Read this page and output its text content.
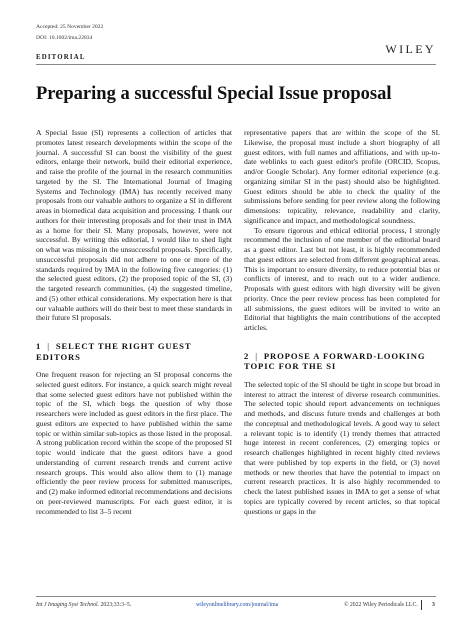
Accepted: 25 November 2022
DOI: 10.1002/ima.22834
WILEY
EDITORIAL
Preparing a successful Special Issue proposal

A Special Issue (SI) represents a collection of articles that promotes latest research developments within the scope of the journal. A successful SI can boost the visibility of the guest editors, enlarge their network, build their editorial experience, and raise the profile of the journal in the research communities targeted by the SI. The International Journal of Imaging Systems and Technology (IMA) has recently received many proposals from our valuable authors to organize a SI in different areas in biomedical data acquisition and processing. I thank our authors for their interesting proposals and for their trust in IMA as a home for their SI. Many proposals, however, were not successful. By writing this editorial, I would like to shed light on what was missing in the unsuccessful proposals. Specifically, unsuccessful proposals did not adhere to one or more of the standards required by IMA in the following five categories: (1) the selected guest editors, (2) the proposed topic of the SI, (3) the targeted research communities, (4) the suggested timeline, and (5) other ethical considerations. My expectation here is that our valuable authors will do their best to meet these standards in their future SI proposals.

1 | SELECT THE RIGHT GUEST EDITORS

One frequent reason for rejecting an SI proposal concerns the selected guest editors. For instance, a quick search might reveal that some selected guest editors have not published within the topic of the SI, which begs the question of why those researchers were included as guest editors in the first place. The guest editors are expected to have published within the same topic or within similar sub-topics as those listed in the proposal. A strong publication record within the scope of the proposed SI topic would indicate that the guest editors have a good understanding of current research trends and current active research groups. This would also allow them to (1) manage efficiently the peer review process for submitted manuscripts, and (2) make informed editorial recommendations and decisions on peer-reviewed manuscripts. For each guest editor, it is recommended to list 3–5 recent

representative papers that are within the scope of the SI. Likewise, the proposal must include a short biography of all guest editors, with full names and affiliations, and with up-to-date weblinks to each guest editor's profile (ORCID, Scopus, and/or Google Scholar). Any former editorial experience (e.g. organizing similar SI in the past) should also be highlighted. Guest editors should be able to check the quality of the submissions before sending for peer review along the following dimensions: topicality, relevance, readability and clarity, significance and impact, and methodological soundness.

To ensure rigorous and ethical editorial process, I strongly recommend the inclusion of one member of the editorial board as a guest editor. Last but not least, it is highly recommended that guest editors are selected from different geographical areas. This is important to ensure diversity, to reduce potential bias or conflicts of interest, and to reach out to a wider audience. Proposals with guest editors with high diversity will be given priority. Once the peer review process has been completed for all submissions, the guest editors will be invited to write an Editorial that highlights the main contributions of the accepted articles.

2 | PROPOSE A FORWARD-LOOKING TOPIC FOR THE SI

The selected topic of the SI should be tight in scope but broad in interest to attract the interest of diverse research communities. The selected topic should report advancements on techniques and methods, and discuss future trends and challenges at both the conceptual and methodological levels. A good way to select a relevant topic is to identify (1) trendy themes that attracted huge interest in recent conferences, (2) emerging topics or research challenges highlighted in recent highly cited reviews that were published by top experts in the field, or (3) novel methods or new theories that have the potential to impact on current research practices. It is also highly recommended to check the latest published issues in IMA to get a sense of what topics are typically covered by recent articles, so that topical questions or gaps in the

Int J Imaging Syst Technol. 2023;33:3–5.	wileyonlinelibrary.com/journal/ima	© 2022 Wiley Periodicals LLC. 3
